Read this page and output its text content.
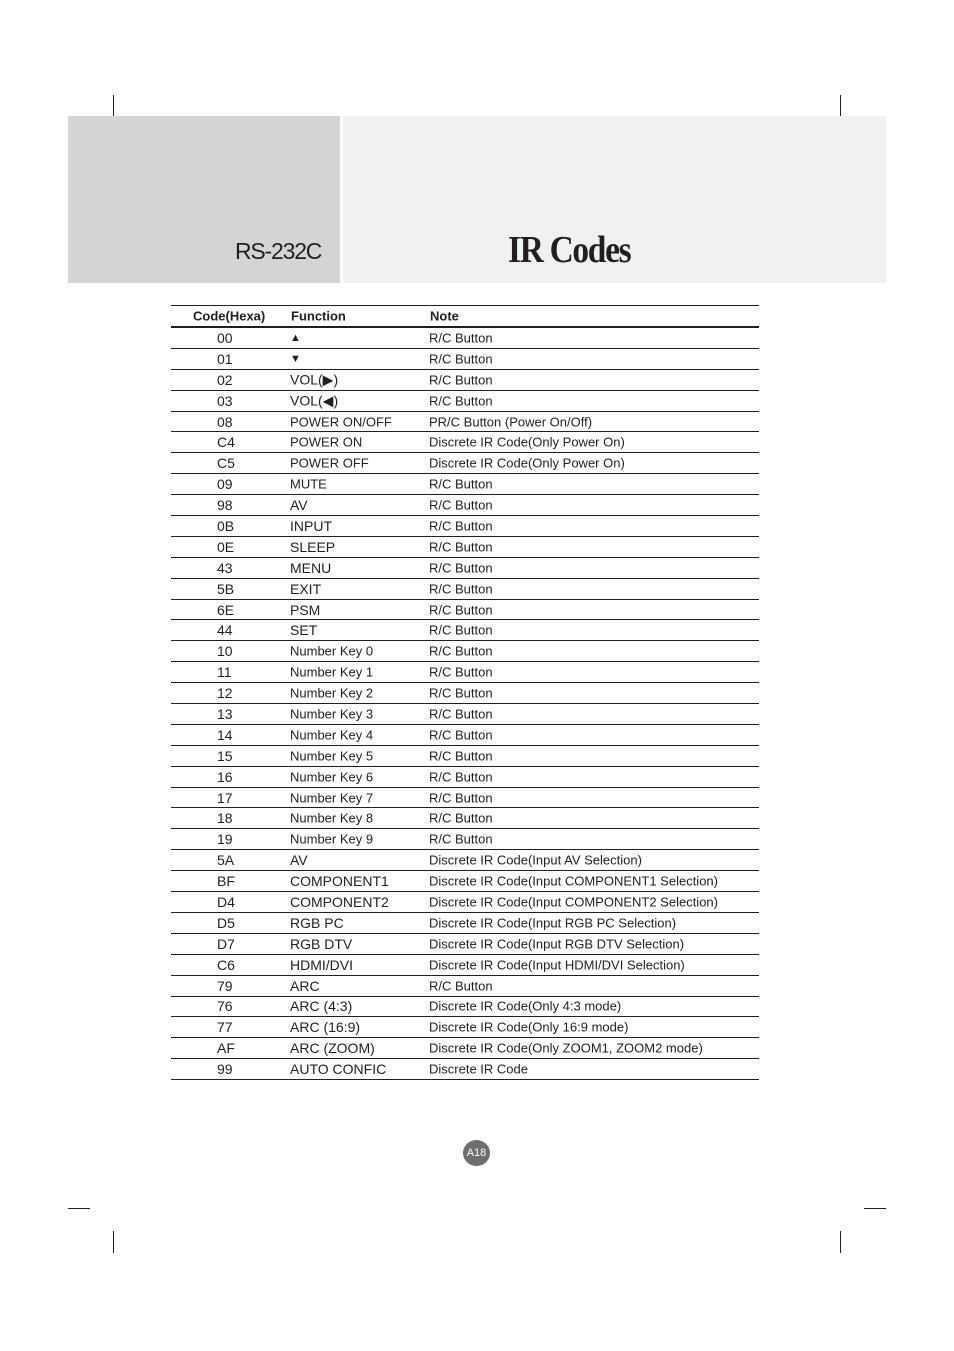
RS-232C	IR Codes
Code(Hexa) Function	Note
00	▲	R/C Button
01	▼	R/C Button
02	VOL(▶)	R/C Button
03	VOL(◀)	R/C Button
08	POWER ON/OFF	PR/C Button (Power On/Off)
C4	POWER ON	Discrete IR Code(Only Power On)
C5	POWER OFF	Discrete IR Code(Only Power On)
09	MUTE	R/C Button
98	AV	R/C Button
0B	INPUT	R/C Button
0E	SLEEP	R/C Button
43	MENU	R/C Button
5B	EXIT	R/C Button
6E	PSM	R/C Button
44	SET	R/C Button
10	Number Key 0	R/C Button
11	Number Key 1	R/C Button
12	Number Key 2	R/C Button
13	Number Key 3	R/C Button
14	Number Key 4	R/C Button
15	Number Key 5	R/C Button
16	Number Key 6	R/C Button
17	Number Key 7	R/C Button
18	Number Key 8	R/C Button
19	Number Key 9	R/C Button
5A	AV	Discrete IR Code(Input AV Selection)
BF	COMPONENT1	Discrete IR Code(Input COMPONENT1 Selection)
D4	COMPONENT2	Discrete IR Code(Input COMPONENT2 Selection)
D5	RGB PC	Discrete IR Code(Input RGB PC Selection)
D7	RGB DTV	Discrete IR Code(Input RGB DTV Selection)
C6	HDMI/DVI	Discrete IR Code(Input HDMI/DVI Selection)
79	ARC	R/C Button
76	ARC (4:3)	Discrete IR Code(Only 4:3 mode)
77	ARC (16:9)	Discrete IR Code(Only 16:9 mode)
AF	ARC (ZOOM)	Discrete IR Code(Only ZOOM1, ZOOM2 mode)
99	AUTO CONFIC	Discrete IR Code
A18
